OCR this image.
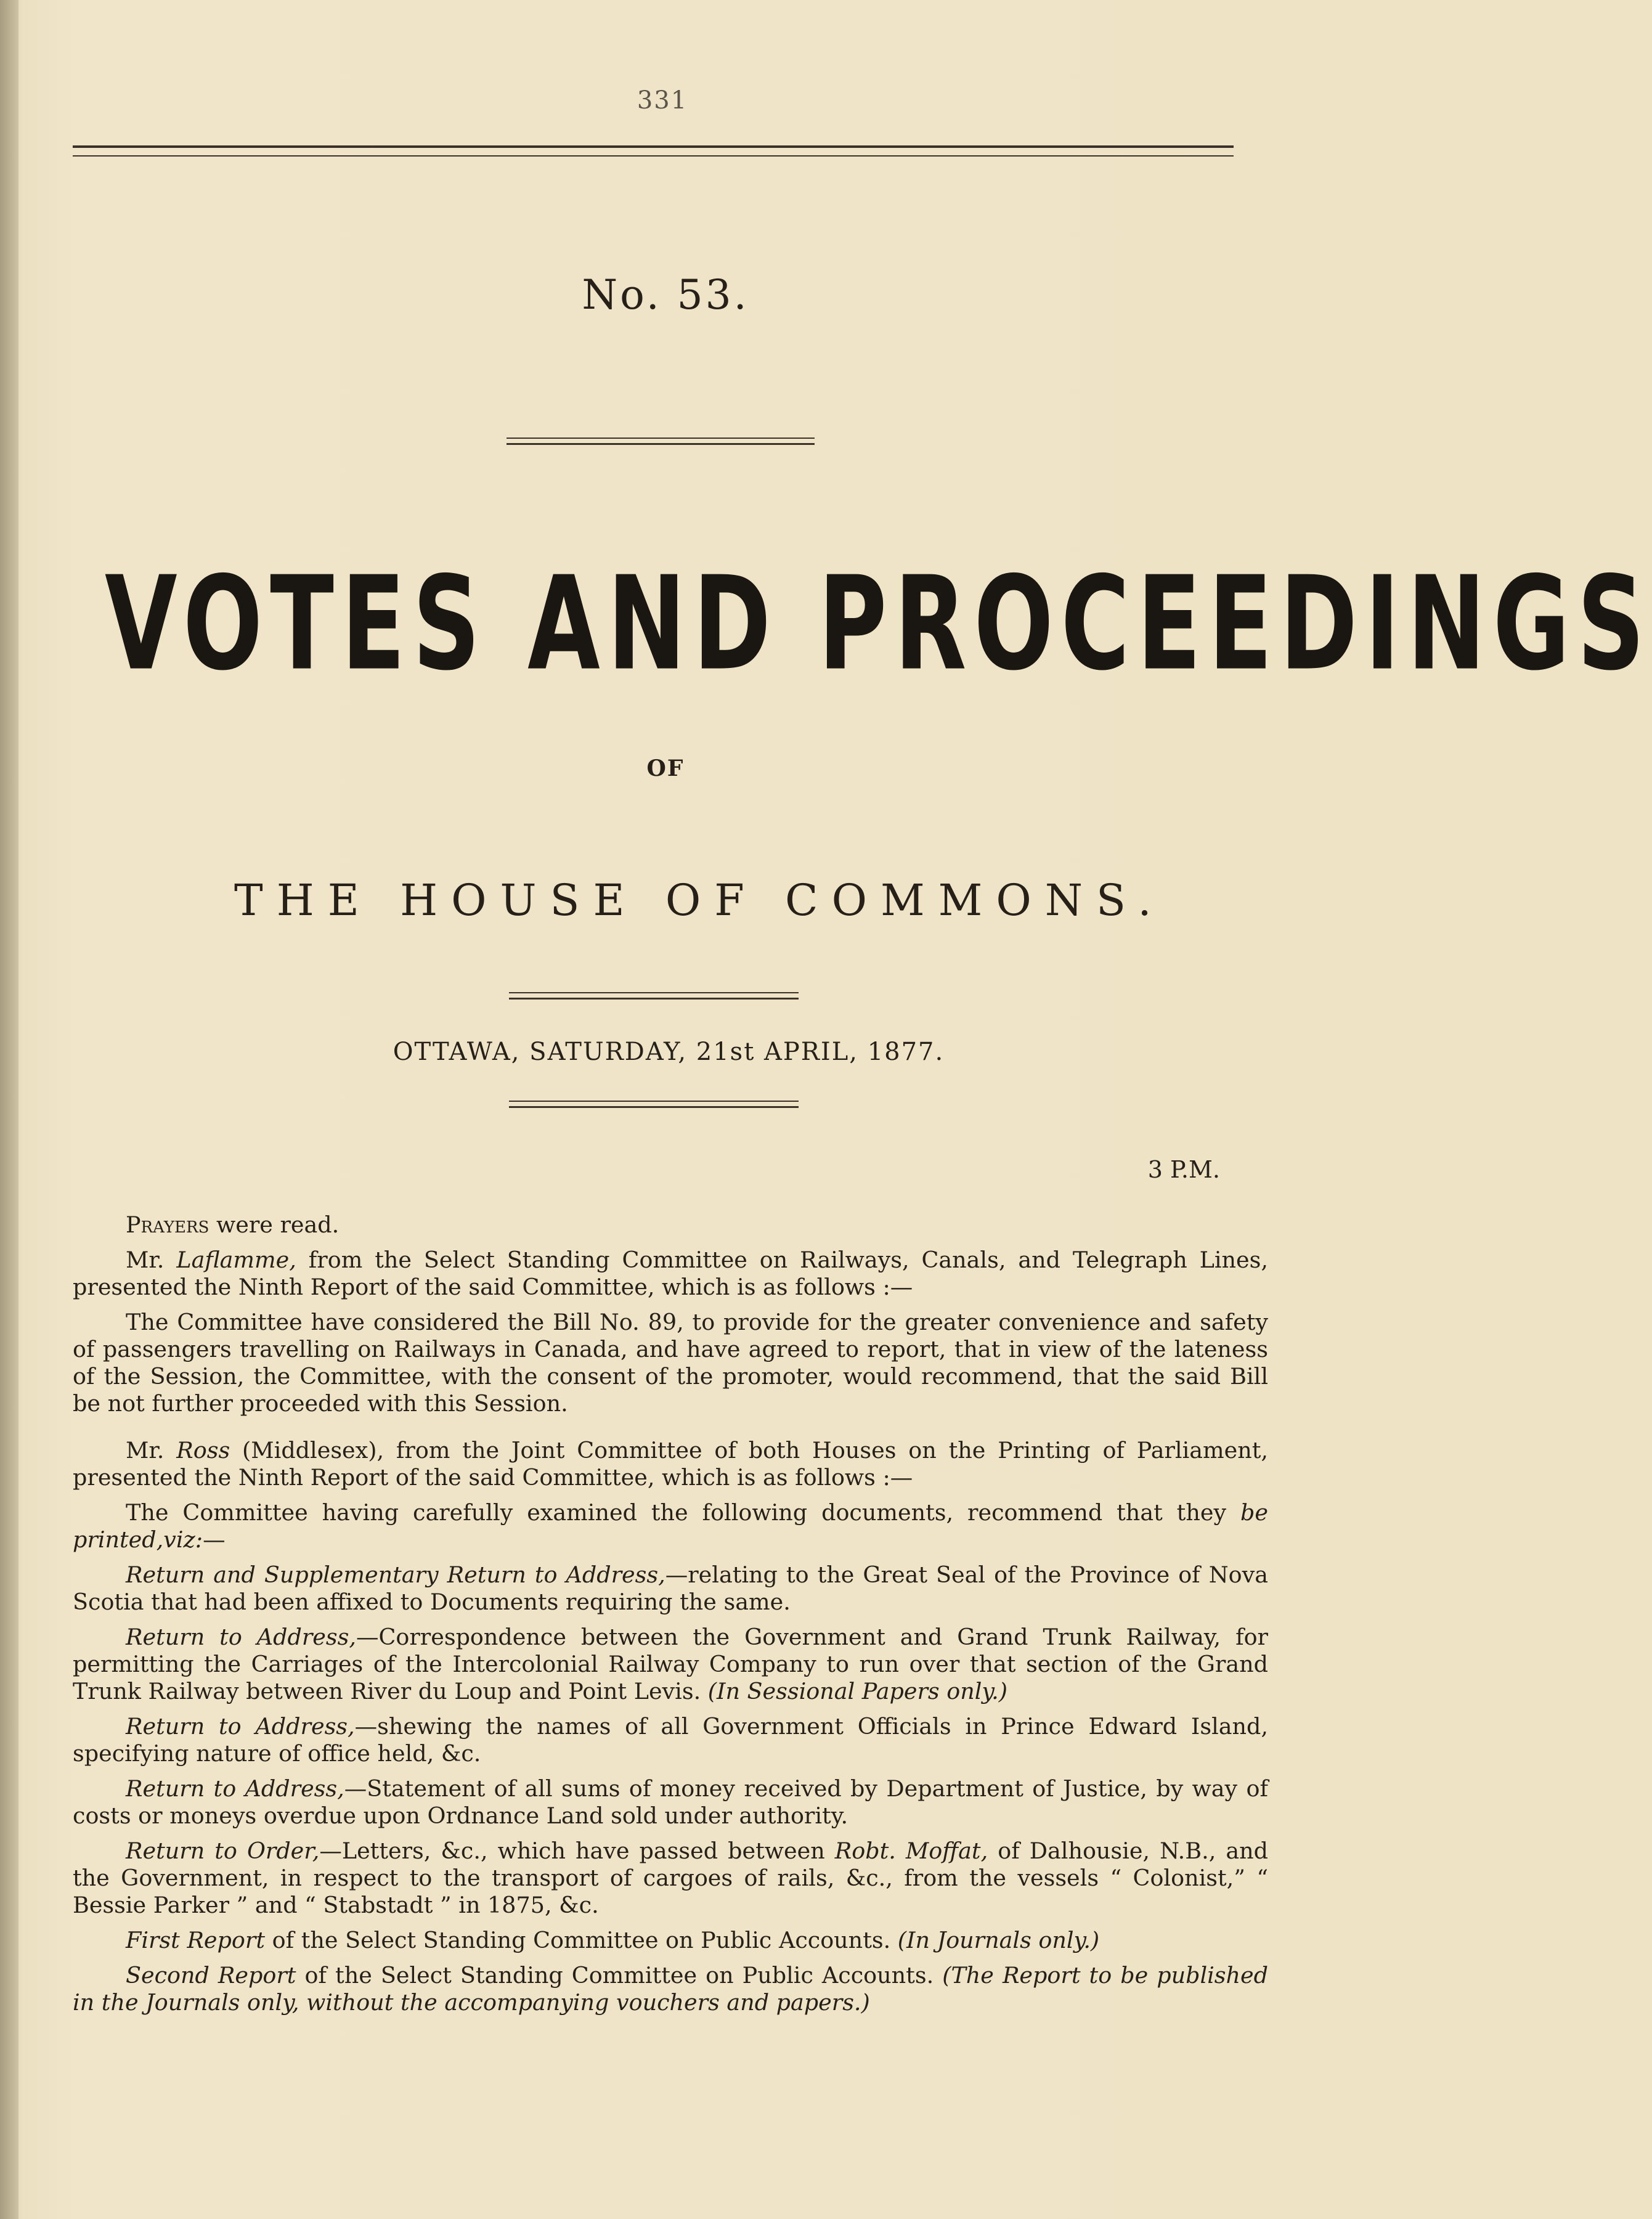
331
No. 53.
VOTES AND PROCEEDINGS
OF
THE HOUSE OF COMMONS.
OTTAWA, SATURDAY, 21st APRIL, 1877.
3 P.M.

Prayers were read.

Mr. Laflamme, from the Select Standing Committee on Railways, Canals, and Telegraph Lines, presented the Ninth Report of the said Committee, which is as follows :—

The Committee have considered the Bill No. 89, to provide for the greater convenience and safety of passengers travelling on Railways in Canada, and have agreed to report, that in view of the lateness of the Session, the Committee, with the consent of the promoter, would recommend, that the said Bill be not further proceeded with this Session.

Mr. Ross (Middlesex), from the Joint Committee of both Houses on the Printing of Parliament, presented the Ninth Report of the said Committee, which is as follows :—

The Committee having carefully examined the following documents, recommend that they be printed,viz:—

Return and Supplementary Return to Address,—relating to the Great Seal of the Province of Nova Scotia that had been affixed to Documents requiring the same.

Return to Address,—Correspondence between the Government and Grand Trunk Railway, for permitting the Carriages of the Intercolonial Railway Company to run over that section of the Grand Trunk Railway between River du Loup and Point Levis. (In Sessional Papers only.)

Return to Address,—shewing the names of all Government Officials in Prince Edward Island, specifying nature of office held, &c.

Return to Address,—Statement of all sums of money received by Department of Justice, by way of costs or moneys overdue upon Ordnance Land sold under authority.

Return to Order,—Letters, &c., which have passed between Robt. Moffat, of Dalhousie, N.B., and the Government, in respect to the transport of cargoes of rails, &c., from the vessels “ Colonist,” “ Bessie Parker ” and “ Stabstadt ” in 1875, &c.

First Report of the Select Standing Committee on Public Accounts. (In Journals only.)

Second Report of the Select Standing Committee on Public Accounts. (The Report to be published in the Journals only, without the accompanying vouchers and papers.)
